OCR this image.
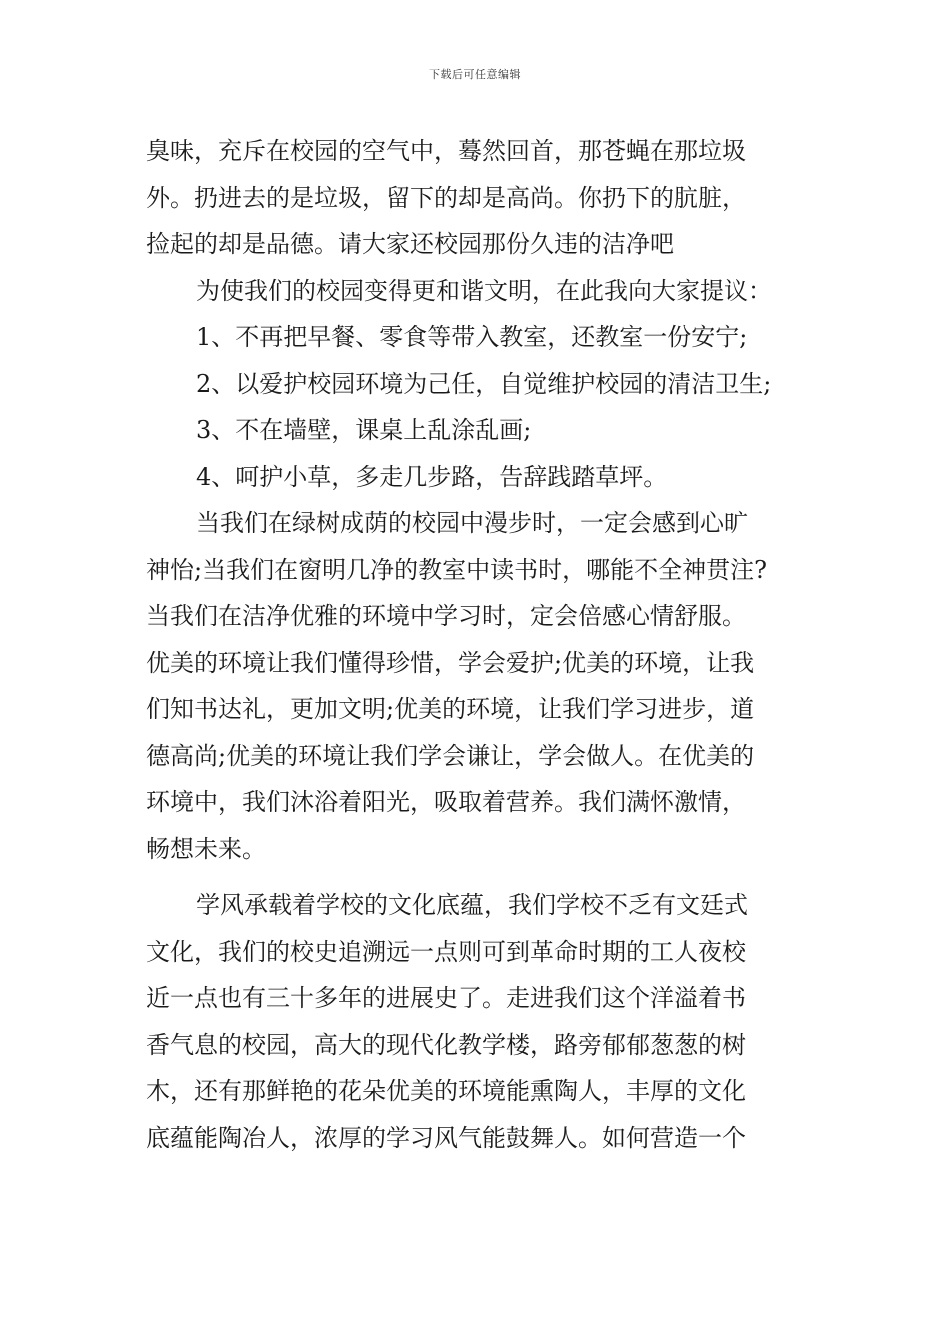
下载后可任意编辑
臭味，充斥在校园的空气中，蓦然回首，那苍蝇在那垃圾
外。扔进去的是垃圾，留下的却是高尚。你扔下的肮脏，
捡起的却是品德。请大家还校园那份久违的洁净吧
为使我们的校园变得更和谐文明，在此我向大家提议：
1、不再把早餐、零食等带入教室，还教室一份安宁;
2、以爱护校园环境为己任，自觉维护校园的清洁卫生;
3、不在墙壁，课桌上乱涂乱画;
4、呵护小草，多走几步路，告辞践踏草坪。
当我们在绿树成荫的校园中漫步时，一定会感到心旷
神怡;当我们在窗明几净的教室中读书时，哪能不全神贯注?
当我们在洁净优雅的环境中学习时，定会倍感心情舒服。
优美的环境让我们懂得珍惜，学会爱护;优美的环境，让我
们知书达礼，更加文明;优美的环境，让我们学习进步，道
德高尚;优美的环境让我们学会谦让，学会做人。在优美的
环境中，我们沐浴着阳光，吸取着营养。我们满怀激情，
畅想未来。
学风承载着学校的文化底蕴，我们学校不乏有文廷式
文化，我们的校史追溯远一点则可到革命时期的工人夜校
近一点也有三十多年的进展史了。走进我们这个洋溢着书
香气息的校园，高大的现代化教学楼，路旁郁郁葱葱的树
木，还有那鲜艳的花朵优美的环境能熏陶人，丰厚的文化
底蕴能陶冶人，浓厚的学习风气能鼓舞人。如何营造一个
